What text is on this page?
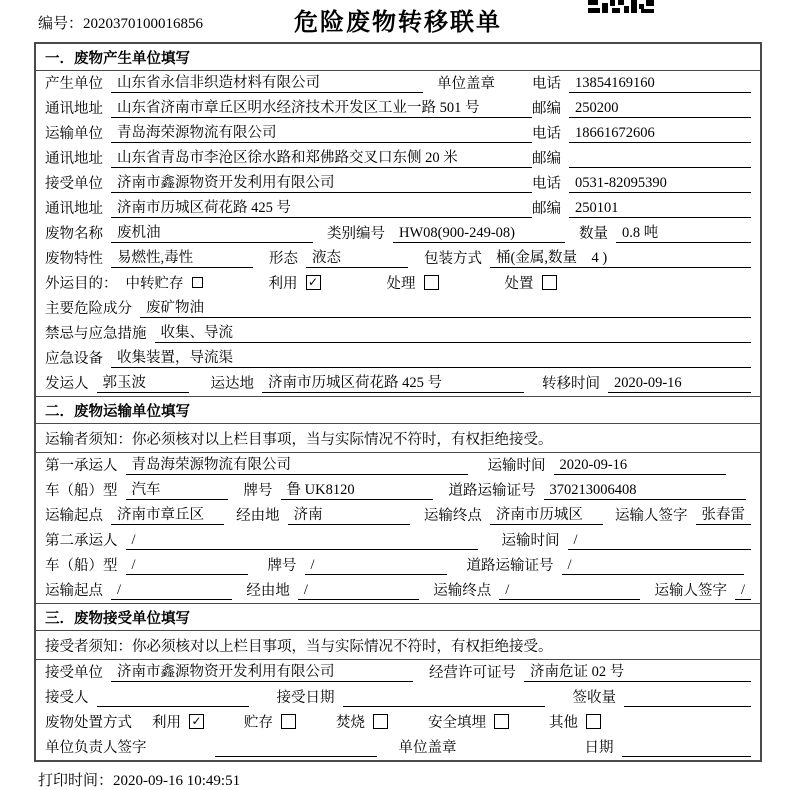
编号：2020370100016856	危险废物转移联单
一．废物产生单位填写
产生单位 山东省永信非织造材料有限公司	单位盖章	电话 13854169160
通讯地址 山东省济南市章丘区明水经济技术开发区工业一路 501 号	邮编 250200
运输单位 青岛海荣源物流有限公司	电话 18661672606
通讯地址 山东省青岛市李沧区徐水路和郑佛路交叉口东侧 20 米	邮编
接受单位 济南市鑫源物资开发利用有限公司	电话 0531-82095390
通讯地址 济南市历城区荷花路 425 号	邮编 250101
废物名称 废机油	类别编号 HW08(900-249-08)	数量 0.8 吨
废物特性 易燃性,毒性	形态 液态	包装方式 桶(金属,数量　4 )
外运目的： 中转贮存	利用 ✓	处理	处置
主要危险成分 废矿物油
禁忌与应急措施 收集、导流
应急设备 收集装置，导流渠
发运人 郭玉波	运达地 济南市历城区荷花路 425 号	转移时间 2020-09-16
二．废物运输单位填写
运输者须知：你必须核对以上栏目事项，当与实际情况不符时，有权拒绝接受。
第一承运人 青岛海荣源物流有限公司	运输时间 2020-09-16
车（船）型 汽车	牌号 鲁 UK8120	道路运输证号 370213006408
运输起点 济南市章丘区	经由地 济南	运输终点 济南市历城区	运输人签字 张春雷
第二承运人 /	运输时间 /
车（船）型 /	牌号 /	道路运输证号 /
运输起点 /	经由地 /	运输终点 /	运输人签字 /
三．废物接受单位填写
接受者须知：你必须核对以上栏目事项，当与实际情况不符时，有权拒绝接受。
接受单位 济南市鑫源物资开发利用有限公司	经营许可证号 济南危证 02 号
接受人	接受日期	签收量
废物处置方式	利用 ✓	贮存	焚烧	安全填埋	其他
单位负责人签字	单位盖章	日期
打印时间：2020-09-16 10:49:51
